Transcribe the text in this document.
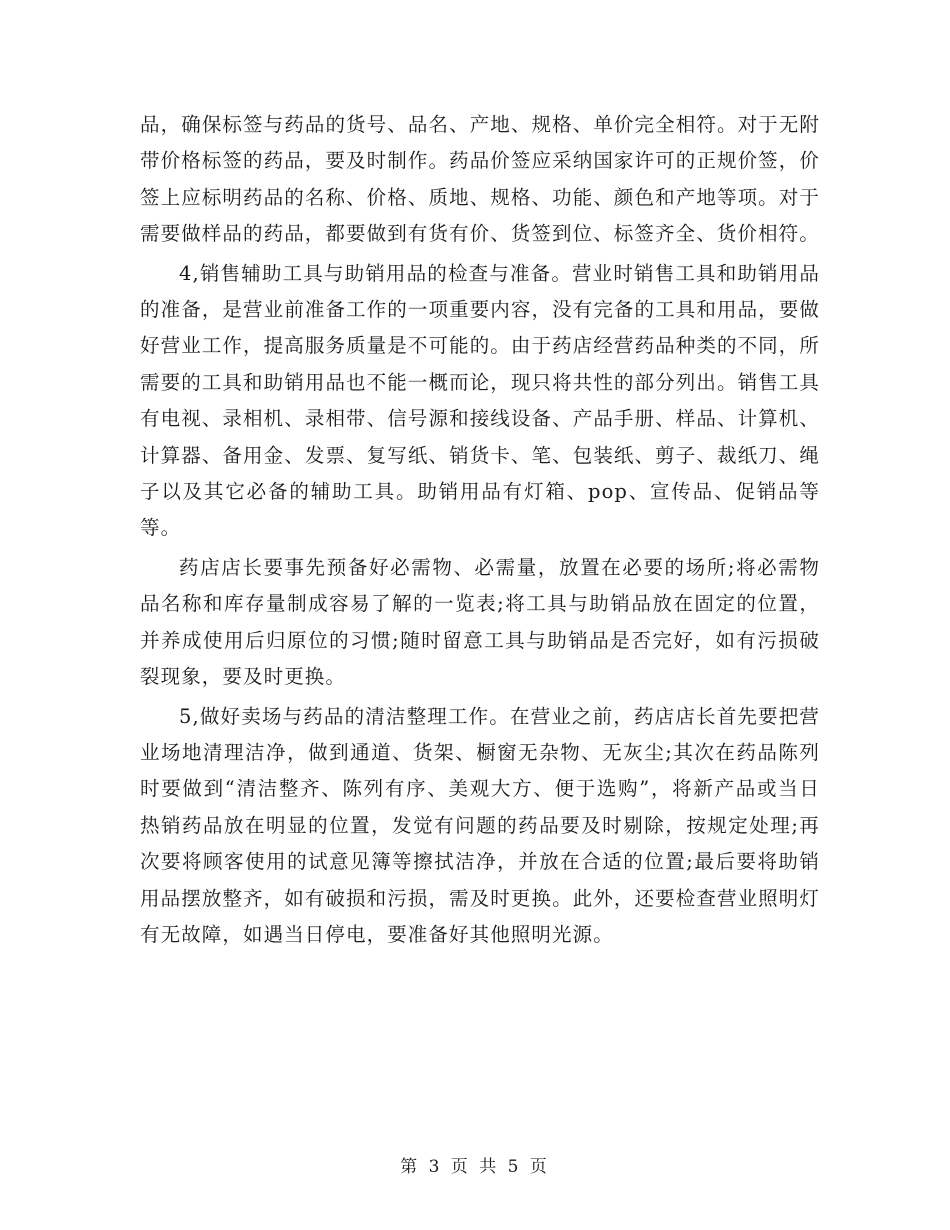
品，确保标签与药品的货号、品名、产地、规格、单价完全相符。对于无附带价格标签的药品，要及时制作。药品价签应采纳国家许可的正规价签，价签上应标明药品的名称、价格、质地、规格、功能、颜色和产地等项。对于需要做样品的药品，都要做到有货有价、货签到位、标签齐全、货价相符。

4,销售辅助工具与助销用品的检查与准备。营业时销售工具和助销用品的准备，是营业前准备工作的一项重要内容，没有完备的工具和用品，要做好营业工作，提高服务质量是不可能的。由于药店经营药品种类的不同，所需要的工具和助销用品也不能一概而论，现只将共性的部分列出。销售工具有电视、录相机、录相带、信号源和接线设备、产品手册、样品、计算机、计算器、备用金、发票、复写纸、销货卡、笔、包装纸、剪子、裁纸刀、绳子以及其它必备的辅助工具。助销用品有灯箱、pop、宣传品、促销品等等。

药店店长要事先预备好必需物、必需量，放置在必要的场所;将必需物品名称和库存量制成容易了解的一览表;将工具与助销品放在固定的位置，并养成使用后归原位的习惯;随时留意工具与助销品是否完好，如有污损破裂现象，要及时更换。

5,做好卖场与药品的清洁整理工作。在营业之前，药店店长首先要把营业场地清理洁净，做到通道、货架、橱窗无杂物、无灰尘;其次在药品陈列时要做到“清洁整齐、陈列有序、美观大方、便于选购”，将新产品或当日热销药品放在明显的位置，发觉有问题的药品要及时剔除，按规定处理;再次要将顾客使用的试意见簿等擦拭洁净，并放在合适的位置;最后要将助销用品摆放整齐，如有破损和污损，需及时更换。此外，还要检查营业照明灯有无故障，如遇当日停电，要准备好其他照明光源。

第 3 页 共 5 页
